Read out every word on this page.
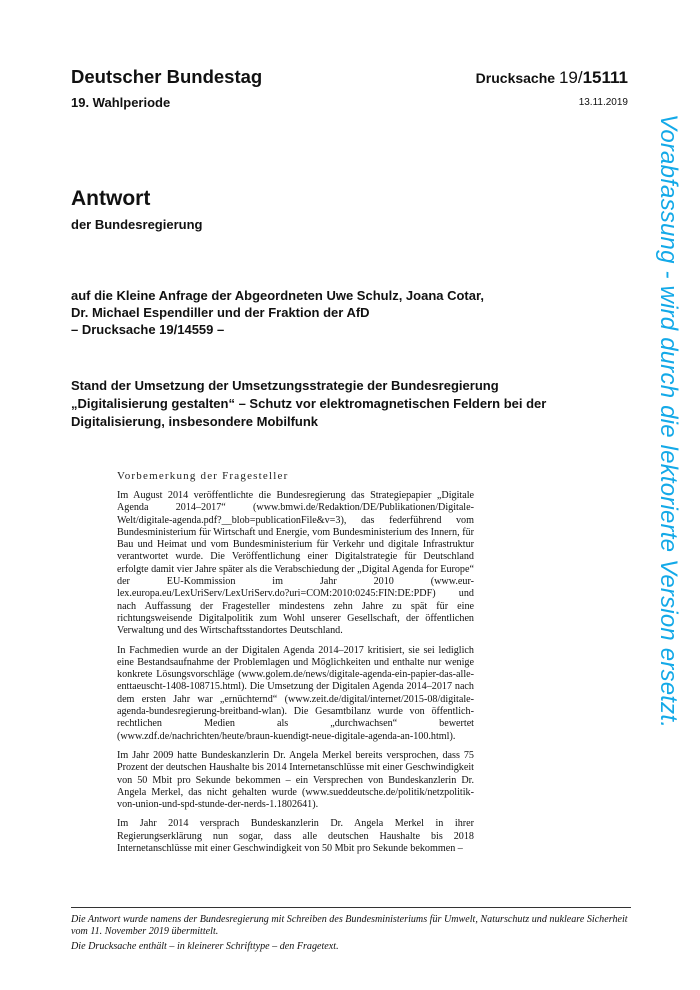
Deutscher Bundestag
19. Wahlperiode
Drucksache 19/15111
13.11.2019
Antwort
der Bundesregierung
auf die Kleine Anfrage der Abgeordneten Uwe Schulz, Joana Cotar,
Dr. Michael Espendiller und der Fraktion der AfD
– Drucksache 19/14559 –
Stand der Umsetzung der Umsetzungsstrategie der Bundesregierung
„Digitalisierung gestalten“ – Schutz vor elektromagnetischen Feldern bei der
Digitalisierung, insbesondere Mobilfunk
Vorbemerkung der Fragesteller

Im August 2014 veröffentlichte die Bundesregierung das Strategiepapier „Digitale Agenda 2014–2017“ (www.bmwi.de/Redaktion/DE/Publikationen/Digitale-Welt/digitale-agenda.pdf?__blob=publicationFile&v=3), das federführend vom Bundesministerium für Wirtschaft und Energie, vom Bundesministerium des Innern, für Bau und Heimat und vom Bundesministerium für Verkehr und digitale Infrastruktur verantwortet wurde. Die Veröffentlichung einer Digitalstrategie für Deutschland erfolgte damit vier Jahre später als die Verabschiedung der „Digital Agenda for Europe“ der EU-Kommission im Jahr 2010 (www.eur-lex.europa.eu/LexUriServ/LexUriServ.do?uri=COM:2010:0245:FIN:DE:PDF) und nach Auffassung der Fragesteller mindestens zehn Jahre zu spät für eine richtungsweisende Digitalpolitik zum Wohl unserer Gesellschaft, der öffentlichen Verwaltung und des Wirtschaftsstandortes Deutschland.

In Fachmedien wurde an der Digitalen Agenda 2014–2017 kritisiert, sie sei lediglich eine Bestandsaufnahme der Problemlagen und Möglichkeiten und enthalte nur wenige konkrete Lösungsvorschläge (www.golem.de/news/digitale-agenda-ein-papier-das-alle-enttaeuscht-1408-108715.html). Die Umsetzung der Digitalen Agenda 2014–2017 nach dem ersten Jahr war „ernüchternd“ (www.zeit.de/digital/internet/2015-08/digitale-agenda-bundesregierung-breitband-wlan). Die Gesamtbilanz wurde von öffentlich-rechtlichen Medien als „durchwachsen“ bewertet (www.zdf.de/nachrichten/heute/braun-kuendigt-neue-digitale-agenda-an-100.html).

Im Jahr 2009 hatte Bundeskanzlerin Dr. Angela Merkel bereits versprochen, dass 75 Prozent der deutschen Haushalte bis 2014 Internetanschlüsse mit einer Geschwindigkeit von 50 Mbit pro Sekunde bekommen – ein Versprechen von Bundeskanzlerin Dr. Angela Merkel, das nicht gehalten wurde (www.sueddeutsche.de/politik/netzpolitik-von-union-und-spd-stunde-der-nerds-1.1802641).

Im Jahr 2014 versprach Bundeskanzlerin Dr. Angela Merkel in ihrer Regierungserklärung nun sogar, dass alle deutschen Haushalte bis 2018 Internetanschlüsse mit einer Geschwindigkeit von 50 Mbit pro Sekunde bekommen –

Vorabfassung - wird durch die lektorierte Version ersetzt.

Die Antwort wurde namens der Bundesregierung mit Schreiben des Bundesministeriums für Umwelt, Naturschutz und nukleare Sicherheit vom 11. November 2019 übermittelt.

Die Drucksache enthält – in kleinerer Schrifttype – den Fragetext.
